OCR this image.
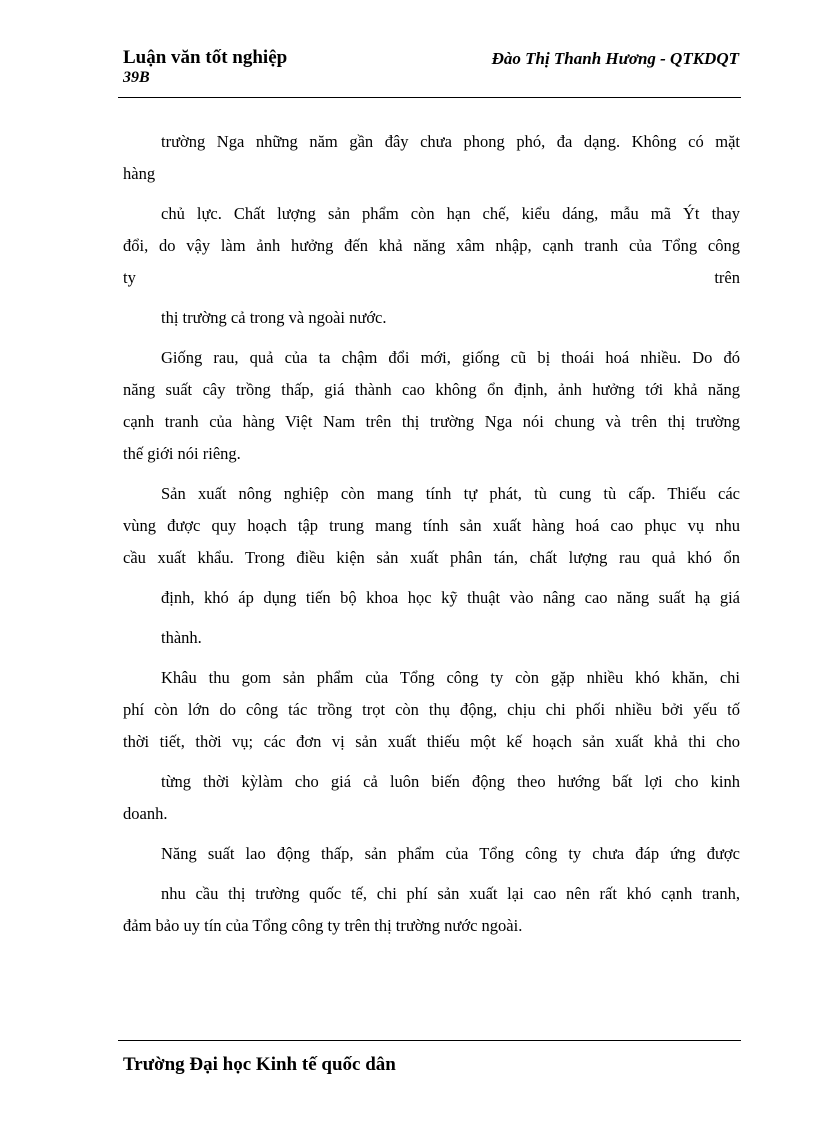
Luận văn tốt nghiệp
39B
Đào Thị Thanh Hương - QTKDQT
trường Nga những năm gần đây chưa phong phó, đa dạng. Không có mặt
hàng
chủ lực. Chất lượng sản phẩm còn hạn chế, kiểu dáng, mẫu mã Ýt thay
đổi, do vậy làm ảnh hưởng đến khả năng xâm nhập, cạnh tranh của Tổng công
ty	trên
thị trường cả trong và ngoài nước.
Giống rau, quả của ta chậm đổi mới, giống cũ bị thoái hoá nhiều. Do đó
năng suất cây trồng thấp, giá thành cao không ổn định, ảnh hưởng tới khả năng
cạnh tranh của hàng Việt Nam trên thị trường Nga nói chung và trên thị trường
thế giới nói riêng.
Sản xuất nông nghiệp còn mang tính tự phát, tù cung tù cấp. Thiếu các
vùng được quy hoạch tập trung mang tính sản xuất hàng hoá cao phục vụ nhu
cầu xuất khẩu. Trong điều kiện sản xuất phân tán, chất lượng rau quả khó ổn
định, khó áp dụng tiến bộ khoa học kỹ thuật vào nâng cao năng suất hạ giá
thành.
Khâu thu gom sản phẩm của Tổng công ty còn gặp nhiều khó khăn, chi
phí còn lớn do công tác trồng trọt còn thụ động, chịu chi phối nhiều bởi yếu tố
thời tiết, thời vụ; các đơn vị sản xuất thiếu một kế hoạch sản xuất khả thi cho
từng thời kỳlàm cho giá cả luôn biến động theo hướng bất lợi cho kinh
doanh.
Năng suất lao động thấp, sản phẩm của Tổng công ty chưa đáp ứng được
nhu cầu thị trường quốc tế, chi phí sản xuất lại cao nên rất khó cạnh tranh,
đảm bảo uy tín của Tổng công ty trên thị trường nước ngoài.
Trường Đại học Kinh tế quốc dân
